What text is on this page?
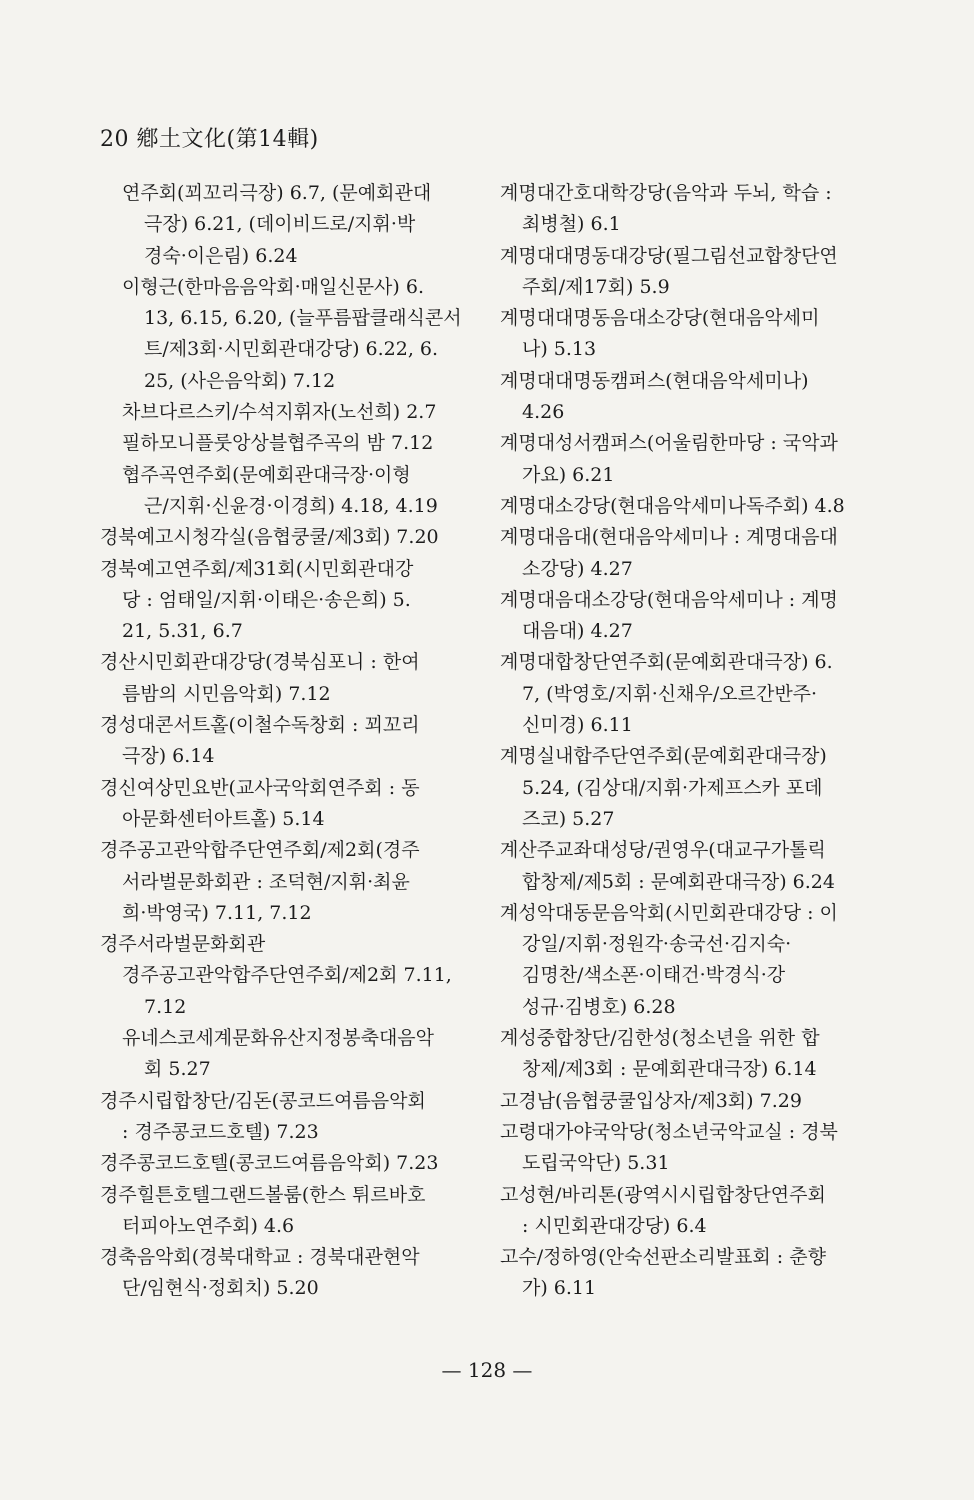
20 鄕土文化(第14輯)
연주회(꾀꼬리극장) 6.7, (문예회관대
극장) 6.21, (데이비드로/지휘·박
경숙·이은림) 6.24
이형근(한마음음악회·매일신문사) 6.
13, 6.15, 6.20, (늘푸름팝클래식콘서
트/제3회·시민회관대강당) 6.22, 6.
25, (사은음악회) 7.12
차브다르스키/수석지휘자(노선희) 2.7
필하모니플룻앙상블협주곡의 밤 7.12
협주곡연주회(문예회관대극장·이형
근/지휘·신윤경·이경희) 4.18, 4.19
경북예고시청각실(음협쿵쿨/제3회) 7.20
경북예고연주회/제31회(시민회관대강
당 : 엄태일/지휘·이태은·송은희) 5.
21, 5.31, 6.7
경산시민회관대강당(경북심포니 : 한여
름밤의 시민음악회) 7.12
경성대콘서트홀(이철수독창회 : 꾀꼬리
극장) 6.14
경신여상민요반(교사국악회연주회 : 동
아문화센터아트홀) 5.14
경주공고관악합주단연주회/제2회(경주
서라벌문화회관 : 조덕현/지휘·최윤
희·박영국) 7.11, 7.12
경주서라벌문화회관
경주공고관악합주단연주회/제2회 7.11,
7.12
유네스코세계문화유산지정봉축대음악
회 5.27
경주시립합창단/김돈(콩코드여름음악회
: 경주콩코드호텔) 7.23
경주콩코드호텔(콩코드여름음악회) 7.23
경주힐튼호텔그랜드볼룸(한스 튀르바호
터피아노연주회) 4.6
경축음악회(경북대학교 : 경북대관현악
단/임현식·정회치) 5.20
계명대간호대학강당(음악과 두뇌, 학습 :
최병철) 6.1
계명대대명동대강당(필그림선교합창단연
주회/제17회) 5.9
계명대대명동음대소강당(현대음악세미
나) 5.13
계명대대명동캠퍼스(현대음악세미나)
4.26
계명대성서캠퍼스(어울림한마당 : 국악과
가요) 6.21
계명대소강당(현대음악세미나독주회) 4.8
계명대음대(현대음악세미나 : 계명대음대
소강당) 4.27
계명대음대소강당(현대음악세미나 : 계명
대음대) 4.27
계명대합창단연주회(문예회관대극장) 6.
7, (박영호/지휘·신채우/오르간반주·
신미경) 6.11
계명실내합주단연주회(문예회관대극장)
5.24, (김상대/지휘·가제프스카 포데
즈코) 5.27
계산주교좌대성당/권영우(대교구가톨릭
합창제/제5회 : 문예회관대극장) 6.24
계성악대동문음악회(시민회관대강당 : 이
강일/지휘·정원각·송국선·김지숙·
김명찬/색소폰·이태건·박경식·강
성규·김병호) 6.28
계성중합창단/김한성(청소년을 위한 합
창제/제3회 : 문예회관대극장) 6.14
고경남(음협쿵쿨입상자/제3회) 7.29
고령대가야국악당(청소년국악교실 : 경북
도립국악단) 5.31
고성현/바리톤(광역시시립합창단연주회
: 시민회관대강당) 6.4
고수/정하영(안숙선판소리발표회 : 춘향
가) 6.11
— 128 —
